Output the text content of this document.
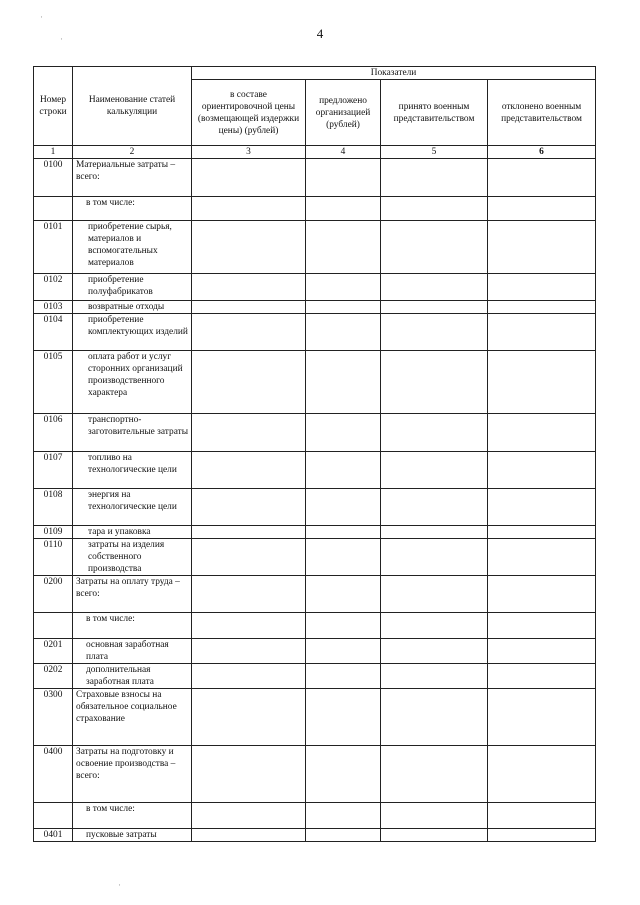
4
·
·
·
Номер строки	Наименование статей калькуляции	Показатели			
		в составе ориентировочной цены (возмещающей издержки цены) (рублей)	предложено организацией (рублей)	принято военным представительством	отклонено военным представительством
1	2	3	4	5	6
0100	Материальные затраты – всего:				
	в том числе:				
0101	приобретение сырья, материалов и вспомогательных материалов				
0102	приобретение полуфабрикатов				
0103	возвратные отходы				
0104	приобретение комплектующих изделий				
0105	оплата работ и услуг сторонних организаций производственного характера				
0106	транспортно-заготовительные затраты				
0107	топливо на технологические цели				
0108	энергия на технологические цели				
0109	тара и упаковка				
0110	затраты на изделия собственного производства				
0200	Затраты на оплату труда – всего:				
	в том числе:				
0201	основная заработная плата				
0202	дополнительная заработная плата				
0300	Страховые взносы на обязательное социальное страхование				
0400	Затраты на подготовку и освоение производства – всего:				
	в том числе:				
0401	пусковые затраты				
